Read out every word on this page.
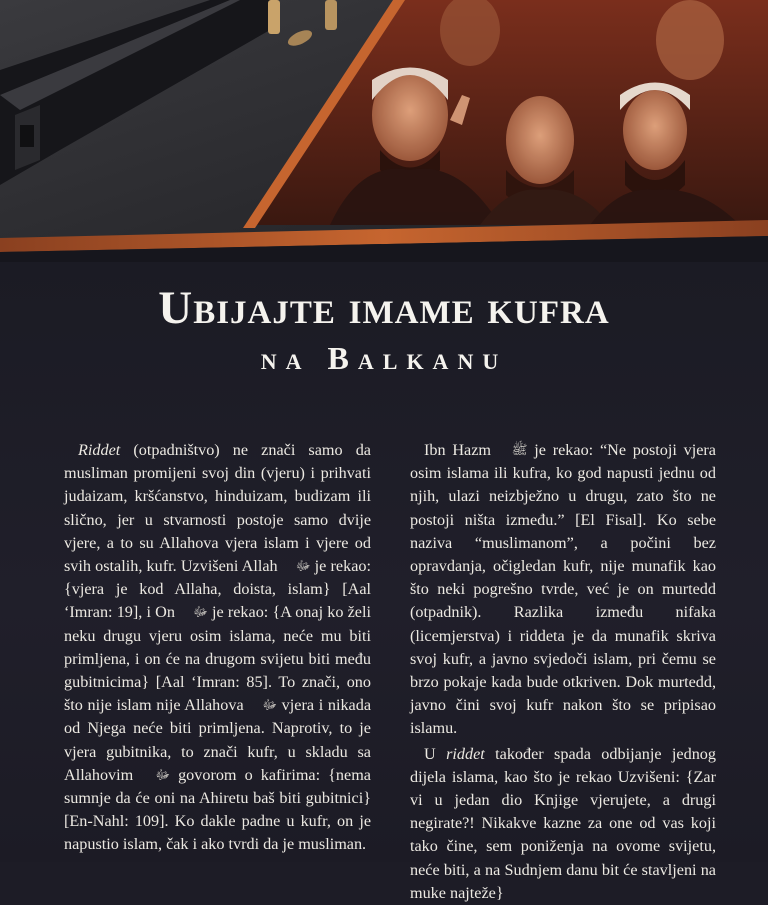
Ubijajte imame kufra
na Balkanu

Riddet (otpadništvo) ne znači samo da musliman promijeni svoj din (vjeru) i prihvati judaizam, kršćanstvo, hinduizam, budizam ili slično, jer u stvarnosti postoje samo dvije vjere, a to su Allahova vjera islam i vjere od svih ostalih, kufr. Uzvišeni Allah ﷻ je rekao: {vjera je kod Allaha, doista, islam} [Aal ‘Imran: 19], i On ﷻ je rekao: {A onaj ko želi neku drugu vjeru osim islama, neće mu biti primljena, i on će na drugom svijetu biti među gubitnicima} [Aal ‘Imran: 85]. To znači, ono što nije islam nije Allahova ﷻ vjera i nikada od Njega neće biti primljena. Naprotiv, to je vjera gubitnika, to znači kufr, u skladu sa Allahovim ﷻ govorom o kafirima: {nema sumnje da će oni na Ahiretu baš biti gubitnici} [En-Nahl: 109]. Ko dakle padne u kufr, on je napustio islam, čak i ako tvrdi da je musliman.

Ibn Hazm ﷺ je rekao: “Ne postoji vjera osim islama ili kufra, ko god napusti jednu od njih, ulazi neizbježno u drugu, zato što ne postoji ništa između.” [El Fisal]. Ko sebe naziva “muslimanom”, a počini bez opravdanja, očigledan kufr, nije munafik kao što neki pogrešno tvrde, već je on murtedd (otpadnik). Razlika između nifaka (licemjerstva) i riddeta je da munafik skriva svoj kufr, a javno svjedoči islam, pri čemu se brzo pokaje kada bude otkriven. Dok murtedd, javno čini svoj kufr nakon što se pripisao islamu.

U riddet također spada odbijanje jednog dijela islama, kao što je rekao Uzvišeni: {Zar vi u jedan dio Knjige vjerujete, a drugi negirate?! Nikakve kazne za one od vas koji tako čine, sem poniženja na ovome svijetu, neće biti, a na Sudnjem danu bit će stavljeni na muke najteže}
